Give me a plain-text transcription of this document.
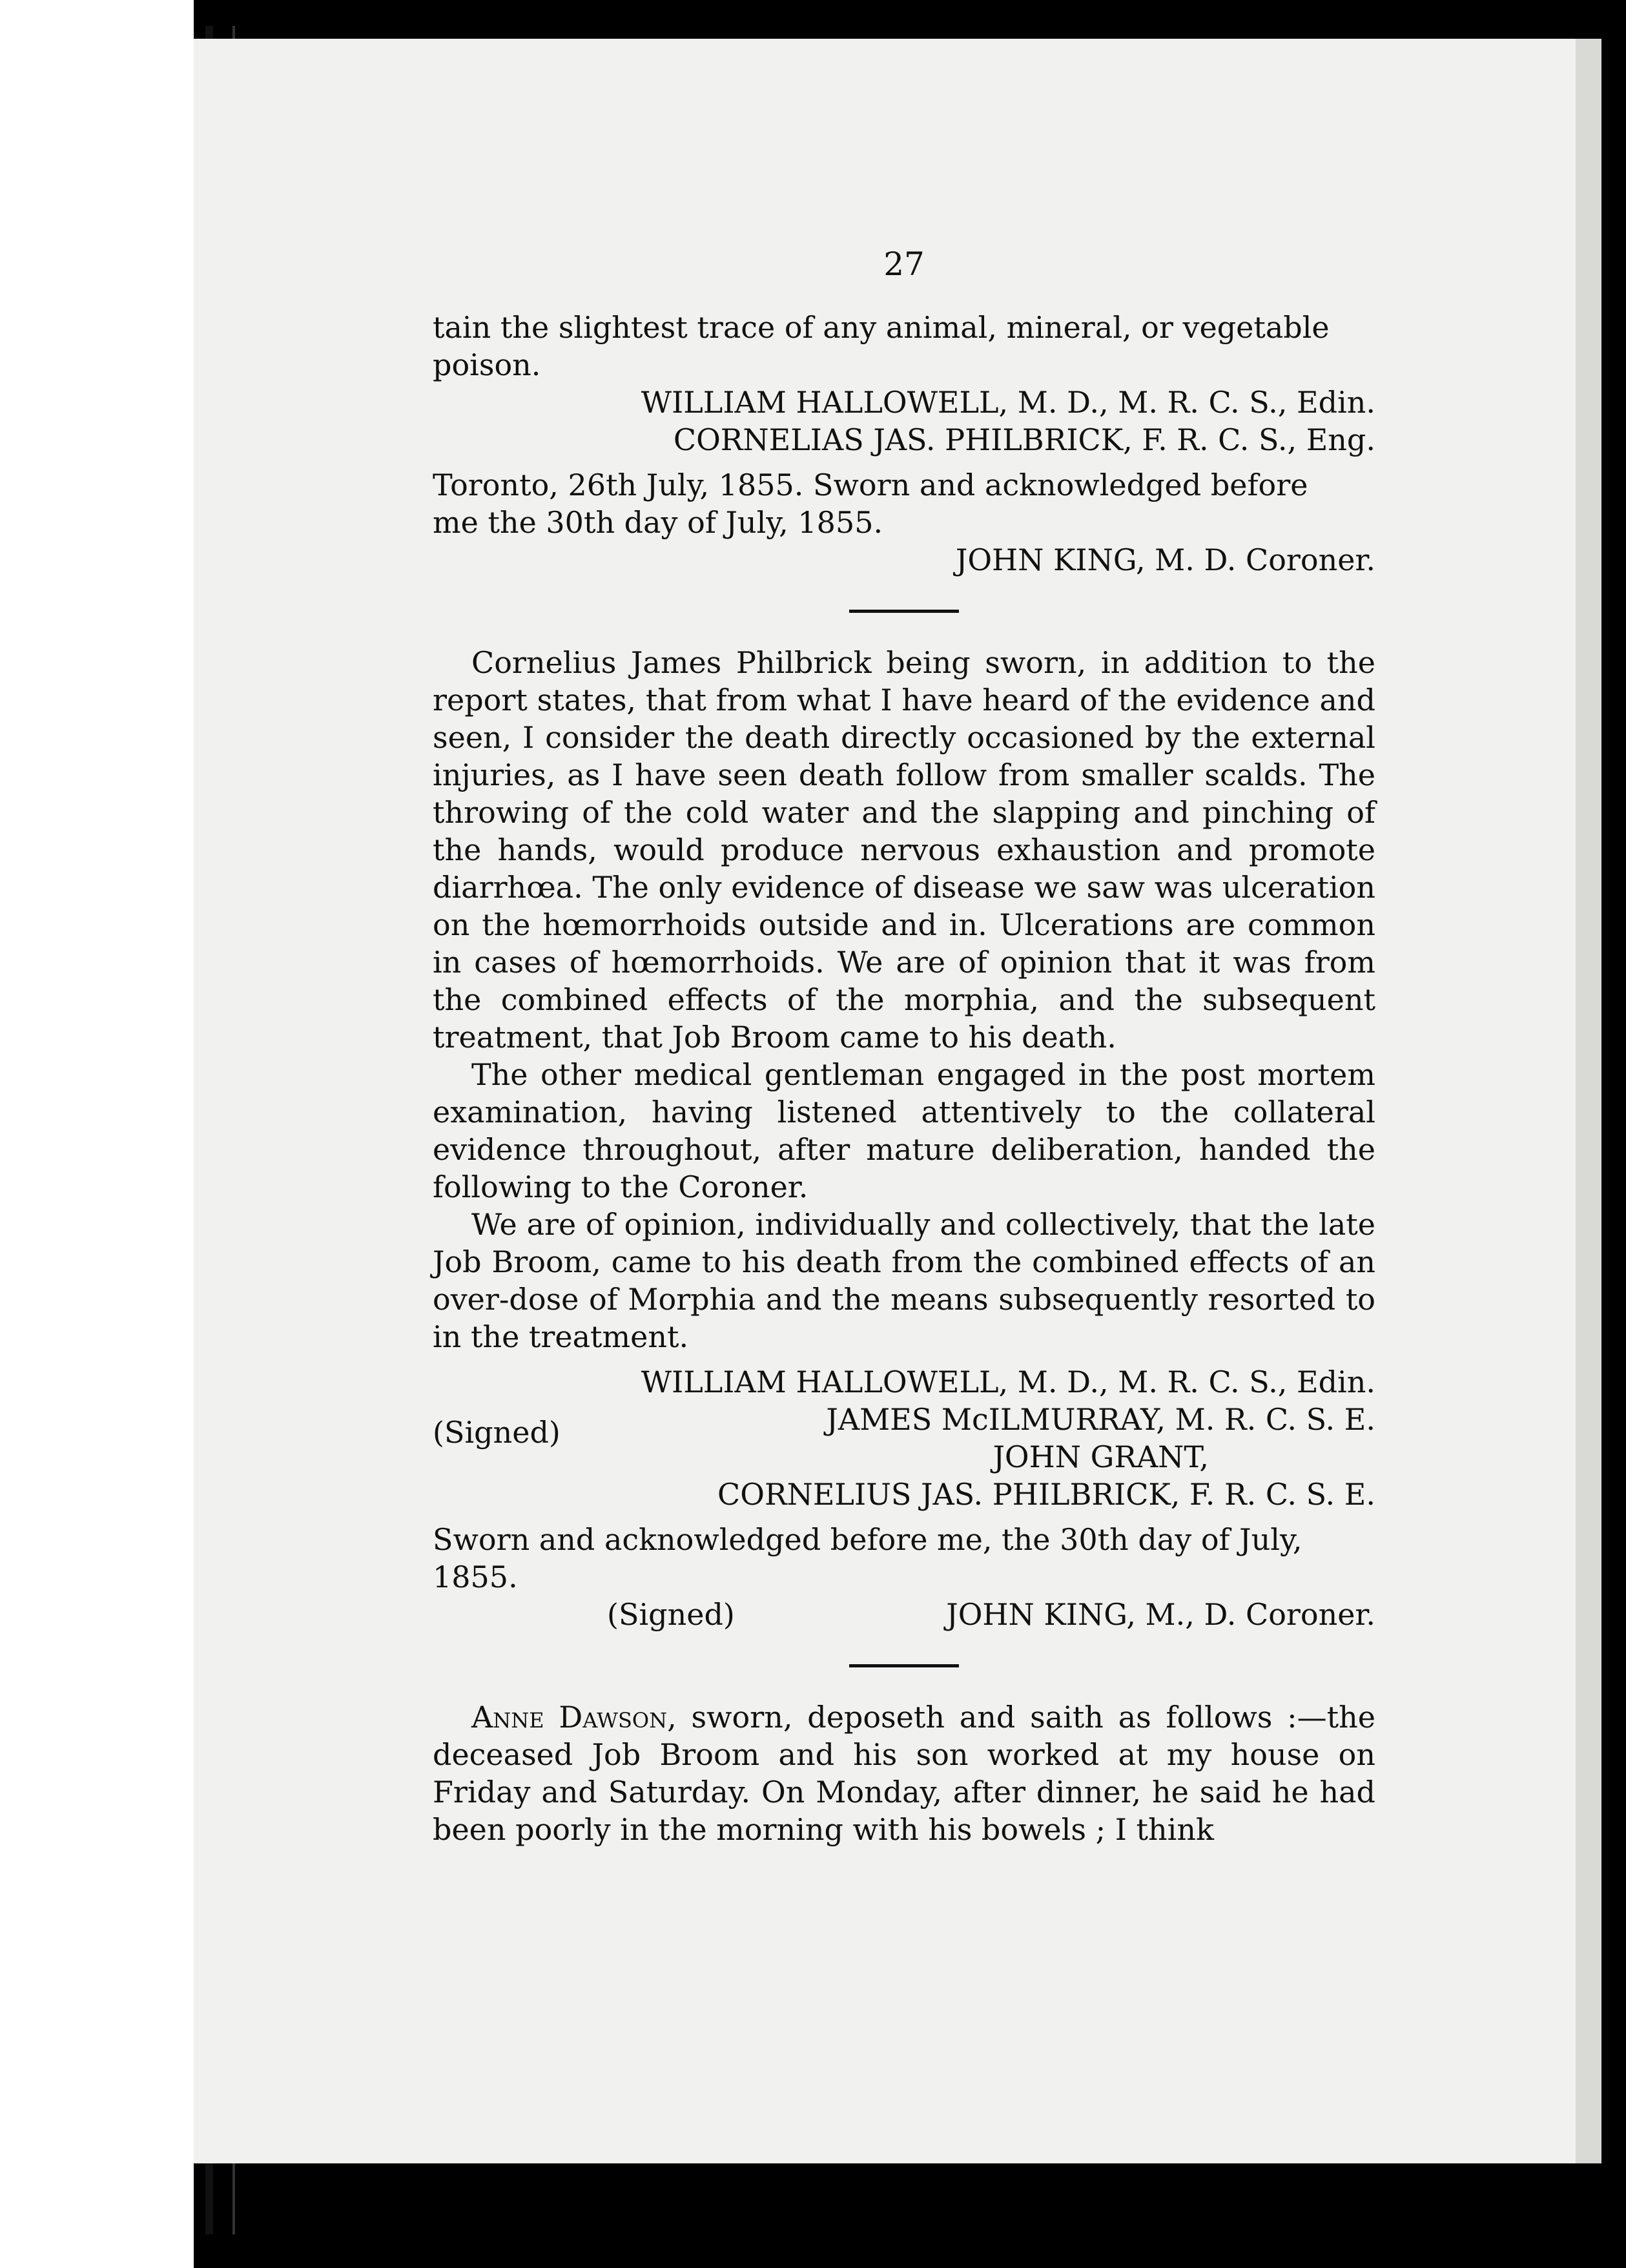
27

tain the slightest trace of any animal, mineral, or vegetable

poison.

WILLIAM HALLOWELL, M. D., M. R. C. S., Edin.
CORNELIAS JAS. PHILBRICK, F. R. C. S., Eng.

Toronto, 26th July, 1855. Sworn and acknowledged before

me the 30th day of July, 1855.

JOHN KING, M. D. Coroner.

Cornelius James Philbrick being sworn, in addition to the report states, that from what I have heard of the evidence and seen, I consider the death directly occasioned by the external injuries, as I have seen death follow from smaller scalds. The throwing of the cold water and the slapping and pinching of the hands, would produce nervous exhaustion and promote diarrhœa. The only evidence of disease we saw was ulceration on the hœmorrhoids outside and in. Ulcerations are common in cases of hœmorrhoids. We are of opinion that it was from the combined effects of the morphia, and the subsequent treatment, that Job Broom came to his death.

The other medical gentleman engaged in the post mortem examination, having listened attentively to the collateral evidence throughout, after mature deliberation, handed the following to the Coroner.

We are of opinion, individually and collectively, that the late Job Broom, came to his death from the combined effects of an over-dose of Morphia and the means subsequently resorted to in the treatment.

WILLIAM HALLOWELL, M. D., M. R. C. S., Edin.
(Signed)	JAMES McILMURRAY, M. R. C. S. E.
JOHN GRANT,
CORNELIUS JAS. PHILBRICK, F. R. C. S. E.

Sworn and acknowledged before me, the 30th day of July,

1855.

(Signed)	JOHN KING, M., D. Coroner.

Anne Dawson, sworn, deposeth and saith as follows :—the deceased Job Broom and his son worked at my house on Friday and Saturday. On Monday, after dinner, he said he had been poorly in the morning with his bowels ; I think
